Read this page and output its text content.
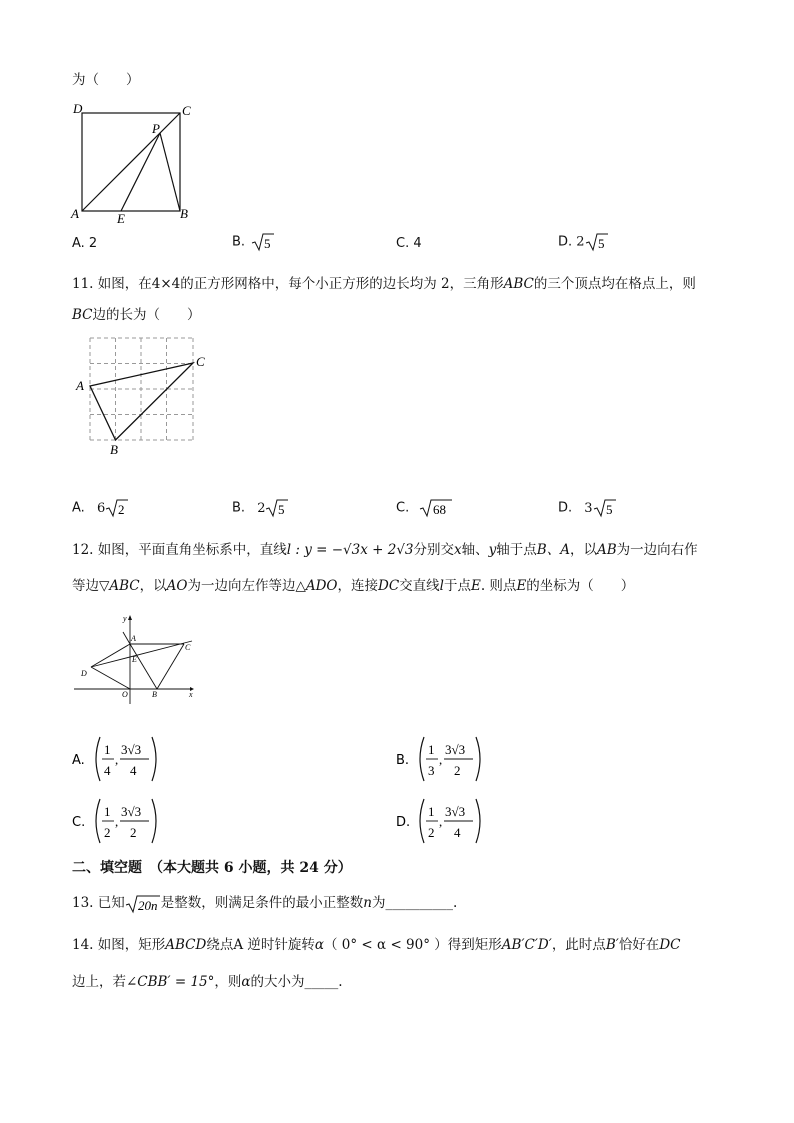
为（　　）
D	C
P
A	E	B
A. 2	B. 5	C. 4	D. 2 5
11. 如图，在4×4的正方形网格中，每个小正方形的边长均为 2，三角形ABC的三个顶点均在格点上，则
BC边的长为（　　）
A
C
B
A. 6 2	B. 2 5	C. 68	D. 3 5
12. 如图，平面直角坐标系中，直线l : y = −√3x + 2√3分别交x轴、y轴于点B、A，以AB为一边向右作
等边▽ABC，以AO为一边向左作等边△ADO，连接DC交直线l于点E. 则点E的坐标为（　　）
y
A
C
E
D
O	B	x
A.
1
4
,
3√3
4
B.
1
3
,
3√3
2
C.
1
2
,
3√3
2
D.
1
2
,
3√3
4
二、填空题　（本大题共 6 小题，共 24 分）
13. 已知 20n 是整数，则满足条件的最小正整数n为__________.
14. 如图，矩形ABCD绕点A 逆时针旋转α（ 0° < α < 90° ）得到矩形AB′C′D′，此时点B′恰好在DC
边上，若∠CBB′ = 15°，则α的大小为_____.
